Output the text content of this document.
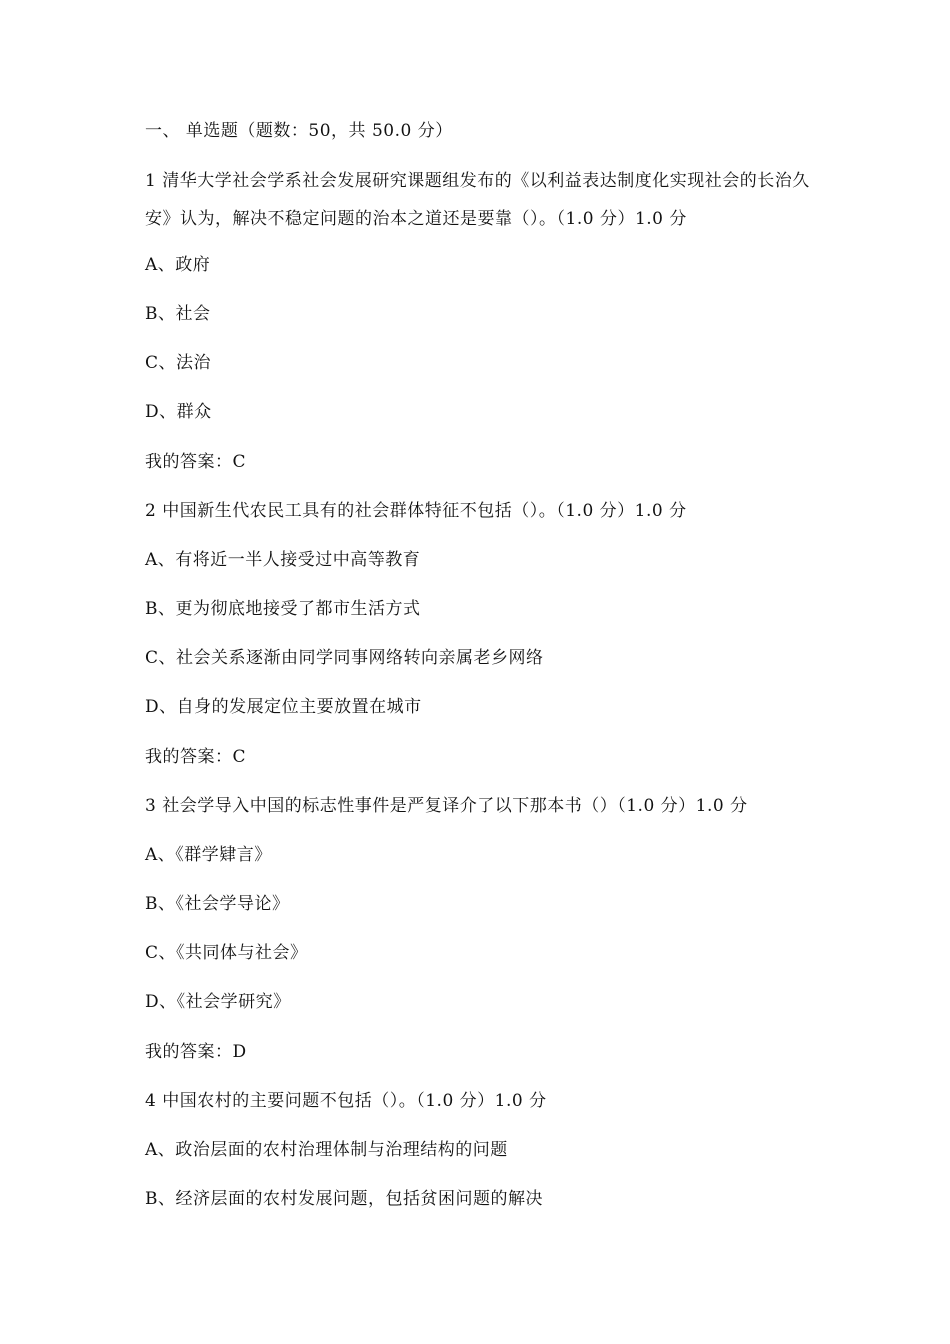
一、 单选题（题数：50，共 50.0 分）
1 清华大学社会学系社会发展研究课题组发布的《以利益表达制度化实现社会的长治久安》认为，解决不稳定问题的治本之道还是要靠（）。（1.0 分）1.0 分
A、政府
B、社会
C、法治
D、群众
我的答案：C
2 中国新生代农民工具有的社会群体特征不包括（）。（1.0 分）1.0 分
A、有将近一半人接受过中高等教育
B、更为彻底地接受了都市生活方式
C、社会关系逐渐由同学同事网络转向亲属老乡网络
D、自身的发展定位主要放置在城市
我的答案：C
3 社会学导入中国的标志性事件是严复译介了以下那本书（）（1.0 分）1.0 分
A、《群学肄言》
B、《社会学导论》
C、《共同体与社会》
D、《社会学研究》
我的答案：D
4 中国农村的主要问题不包括（）。（1.0 分）1.0 分
A、政治层面的农村治理体制与治理结构的问题
B、经济层面的农村发展问题，包括贫困问题的解决
